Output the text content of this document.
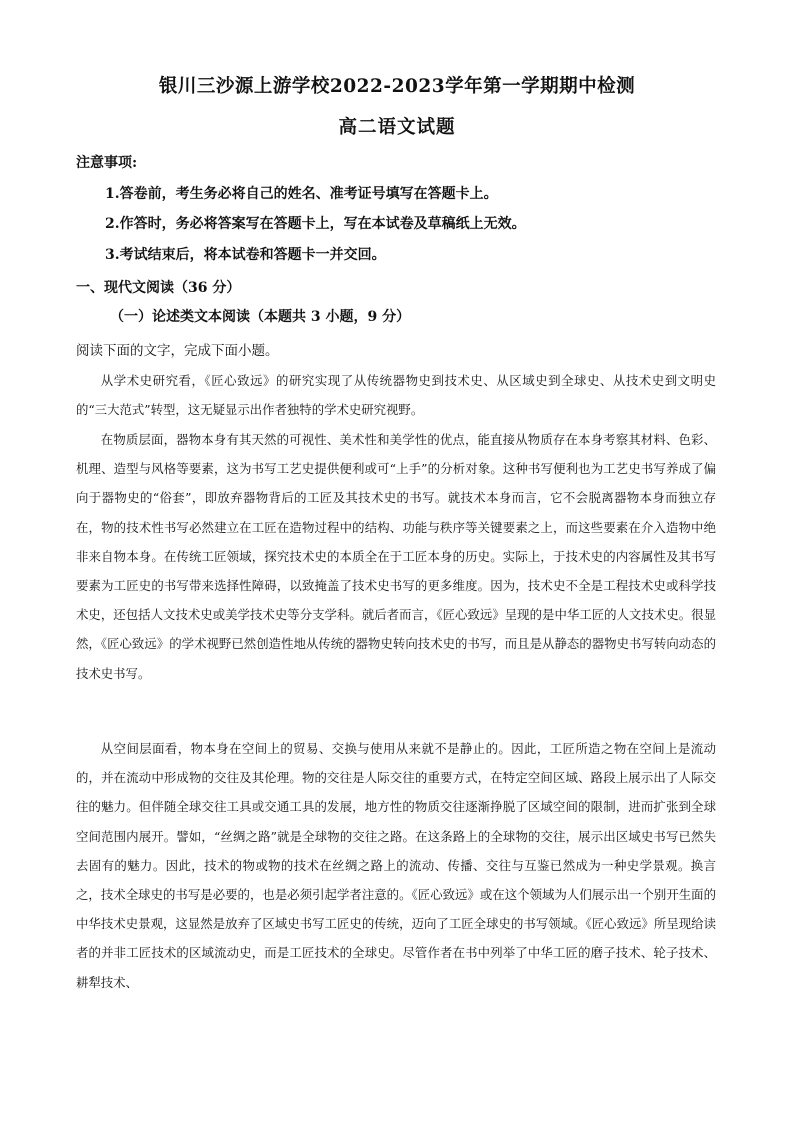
银川三沙源上游学校2022-2023学年第一学期期中检测
高二语文试题
注意事项:
1.答卷前，考生务必将自己的姓名、准考证号填写在答题卡上。
2.作答时，务必将答案写在答题卡上，写在本试卷及草稿纸上无效。
3.考试结束后，将本试卷和答题卡一并交回。
一、现代文阅读（36 分）
（一）论述类文本阅读（本题共 3 小题，9 分）
阅读下面的文字，完成下面小题。

从学术史研究看，《匠心致远》的研究实现了从传统器物史到技术史、从区域史到全球史、从技术史到文明史的“三大范式”转型，这无疑显示出作者独特的学术史研究视野。

在物质层面，器物本身有其天然的可视性、美术性和美学性的优点，能直接从物质存在本身考察其材料、色彩、机理、造型与风格等要素，这为书写工艺史提供便利或可“上手”的分析对象。这种书写便利也为工艺史书写养成了偏向于器物史的“俗套”，即放弃器物背后的工匠及其技术史的书写。就技术本身而言，它不会脱离器物本身而独立存在，物的技术性书写必然建立在工匠在造物过程中的结构、功能与秩序等关键要素之上，而这些要素在介入造物中绝非来自物本身。在传统工匠领域，探究技术史的本质全在于工匠本身的历史。实际上，于技术史的内容属性及其书写要素为工匠史的书写带来选择性障碍，以致掩盖了技术史书写的更多维度。因为，技术史不全是工程技术史或科学技术史，还包括人文技术史或美学技术史等分支学科。就后者而言，《匠心致远》呈现的是中华工匠的人文技术史。很显然，《匠心致远》的学术视野已然创造性地从传统的器物史转向技术史的书写，而且是从静态的器物史书写转向动态的技术史书写。

从空间层面看，物本身在空间上的贸易、交换与使用从来就不是静止的。因此，工匠所造之物在空间上是流动的，并在流动中形成物的交往及其伦理。物的交往是人际交往的重要方式，在特定空间区域、路段上展示出了人际交往的魅力。但伴随全球交往工具或交通工具的发展，地方性的物质交往逐渐挣脱了区域空间的限制，进而扩张到全球空间范围内展开。譬如，“丝绸之路”就是全球物的交往之路。在这条路上的全球物的交往，展示出区域史书写已然失去固有的魅力。因此，技术的物或物的技术在丝绸之路上的流动、传播、交往与互鉴已然成为一种史学景观。换言之，技术全球史的书写是必要的，也是必须引起学者注意的。《匠心致远》或在这个领域为人们展示出一个别开生面的中华技术史景观，这显然是放弃了区域史书写工匠史的传统，迈向了工匠全球史的书写领域。《匠心致远》所呈现给读者的并非工匠技术的区域流动史，而是工匠技术的全球史。尽管作者在书中列举了中华工匠的磨子技术、轮子技术、耕犁技术、
